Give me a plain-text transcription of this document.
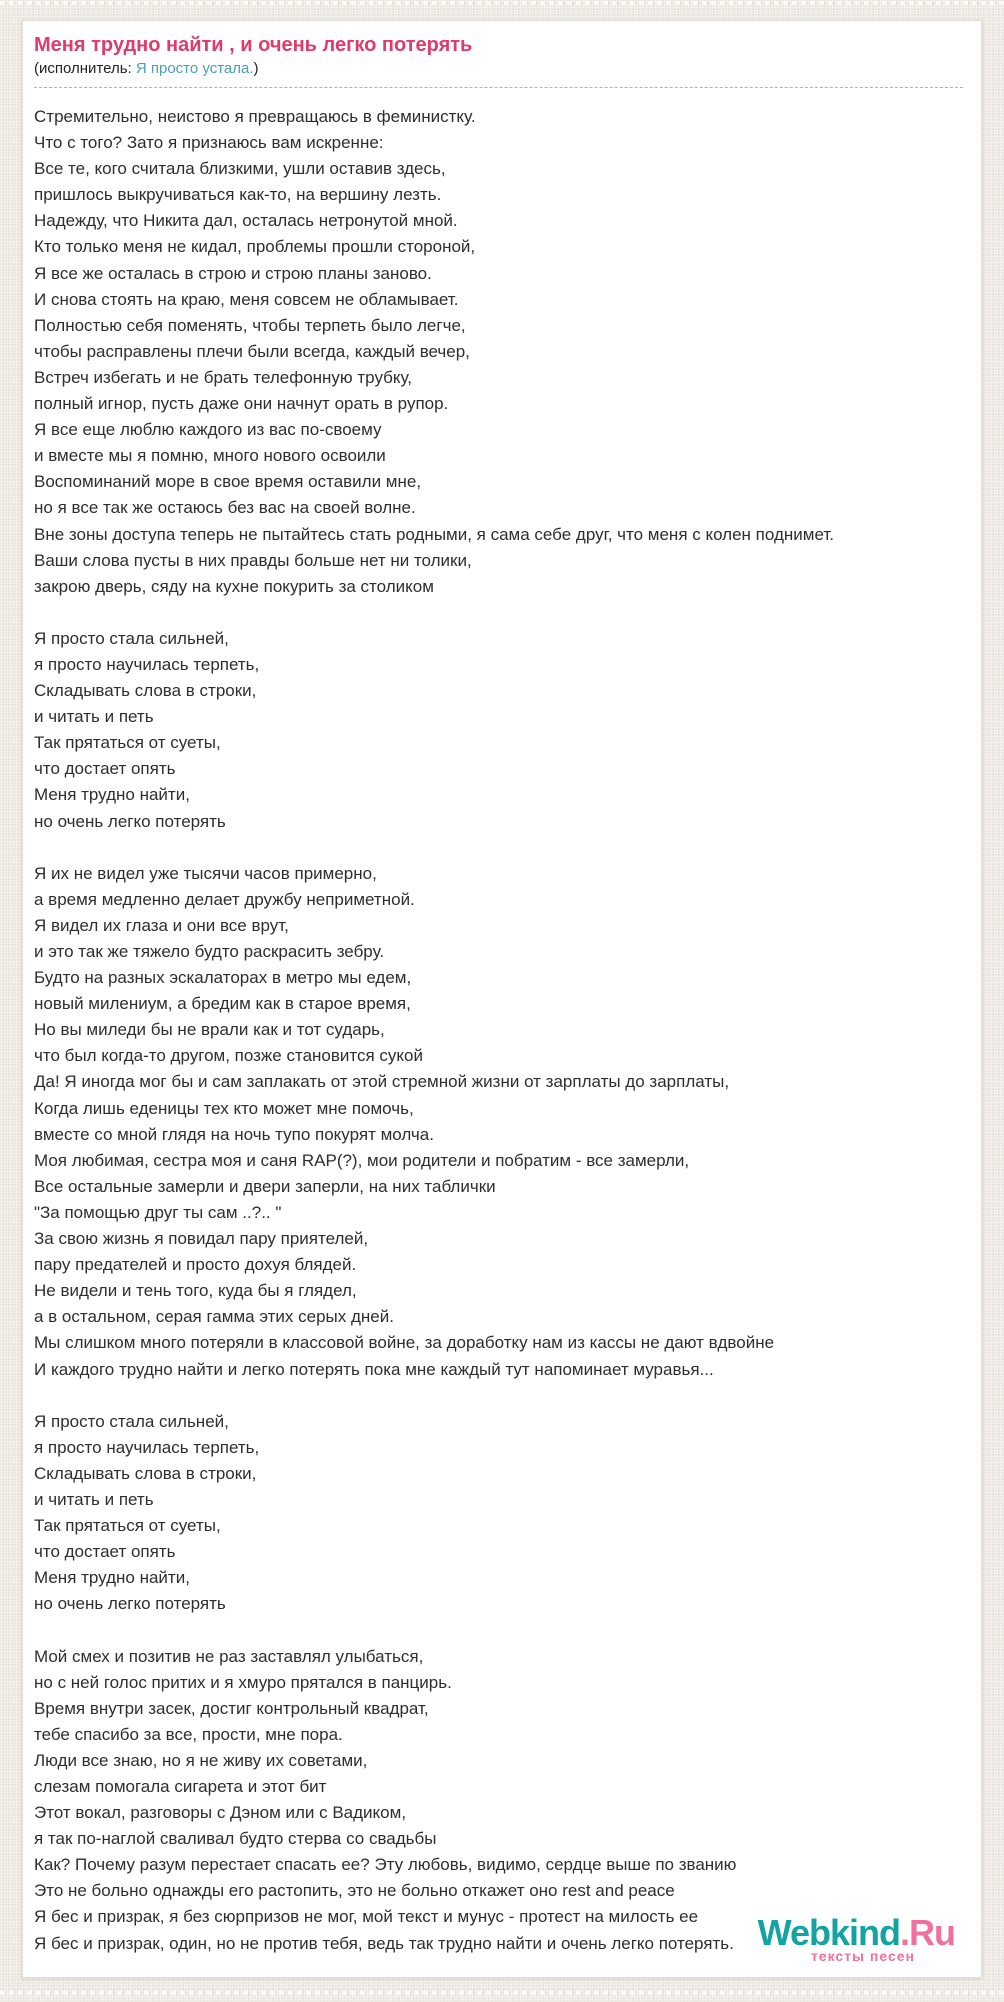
Меня трудно найти , и очень легко потерять
(исполнитель: Я просто устала.)
Стремительно, неистово я превращаюсь в феминистку.
Что с того? Зато я признаюсь вам искренне:
Все те, кого считала близкими, ушли оставив здесь,
пришлось выкручиваться как-то, на вершину лезть.
Надежду, что Никита дал, осталась нетронутой мной.
Кто только меня не кидал, проблемы прошли стороной,
Я все же осталась в строю и строю планы заново.
И снова стоять на краю, меня совсем не обламывает.
Полностью себя поменять, чтобы терпеть было легче,
чтобы расправлены плечи были всегда, каждый вечер,
Встреч избегать и не брать телефонную трубку,
полный игнор, пусть даже они начнут орать в рупор.
Я все еще люблю каждого из вас по-своему
и вместе мы я помню, много нового освоили
Воспоминаний море в свое время оставили мне,
но я все так же остаюсь без вас на своей волне.
Вне зоны доступа теперь не пытайтесь стать родными, я сама себе друг, что меня с колен поднимет.
Ваши слова пусты в них правды больше нет ни толики,
закрою дверь, сяду на кухне покурить за столиком
Я просто стала сильней,
я просто научилась терпеть,
Складывать слова в строки,
и читать и петь
Так прятаться от суеты,
что достает опять
Меня трудно найти,
но очень легко потерять
Я их не видел уже тысячи часов примерно,
а время медленно делает дружбу неприметной.
Я видел их глаза и они все врут,
и это так же тяжело будто раскрасить зебру.
Будто на разных эскалаторах в метро мы едем,
новый милениум, а бредим как в старое время,
Но вы миледи бы не врали как и тот сударь,
что был когда-то другом, позже становится сукой
Да! Я иногда мог бы и сам заплакать от этой стремной жизни от зарплаты до зарплаты,
Когда лишь еденицы тех кто может мне помочь,
вместе со мной глядя на ночь тупо покурят молча.
Моя любимая, сестра моя и саня RAP(?), мои родители и побратим - все замерли,
Все остальные замерли и двери заперли, на них таблички
"За помощью друг ты сам ..?.. "
За свою жизнь я повидал пару приятелей,
пару предателей и просто дохуя блядей.
Не видели и тень того, куда бы я глядел,
а в остальном, серая гамма этих серых дней.
Мы слишком много потеряли в классовой войне, за доработку нам из кассы не дают вдвойне
И каждого трудно найти и легко потерять пока мне каждый тут напоминает муравья...
Я просто стала сильней,
я просто научилась терпеть,
Складывать слова в строки,
и читать и петь
Так прятаться от суеты,
что достает опять
Меня трудно найти,
но очень легко потерять
Мой смех и позитив не раз заставлял улыбаться,
но с ней голос притих и я хмуро прятался в панцирь.
Время внутри засек, достиг контрольный квадрат,
тебе спасибо за все, прости, мне пора.
Люди все знаю, но я не живу их советами,
слезам помогала сигарета и этот бит
Этот вокал, разговоры с Дэном или с Вадиком,
я так по-наглой сваливал будто стерва со свадьбы
Как? Почему разум перестает спасать ее? Эту любовь, видимо, сердце выше по званию
Это не больно однажды его растопить, это не больно откажет оно rest and peace
Я бес и призрак, я без сюрпризов не мог, мой текст и мунус - протест на милость ее
Я бес и призрак, один, но не против тебя, ведь так трудно найти и очень легко потерять. Webkind.Ru
тексты песен
